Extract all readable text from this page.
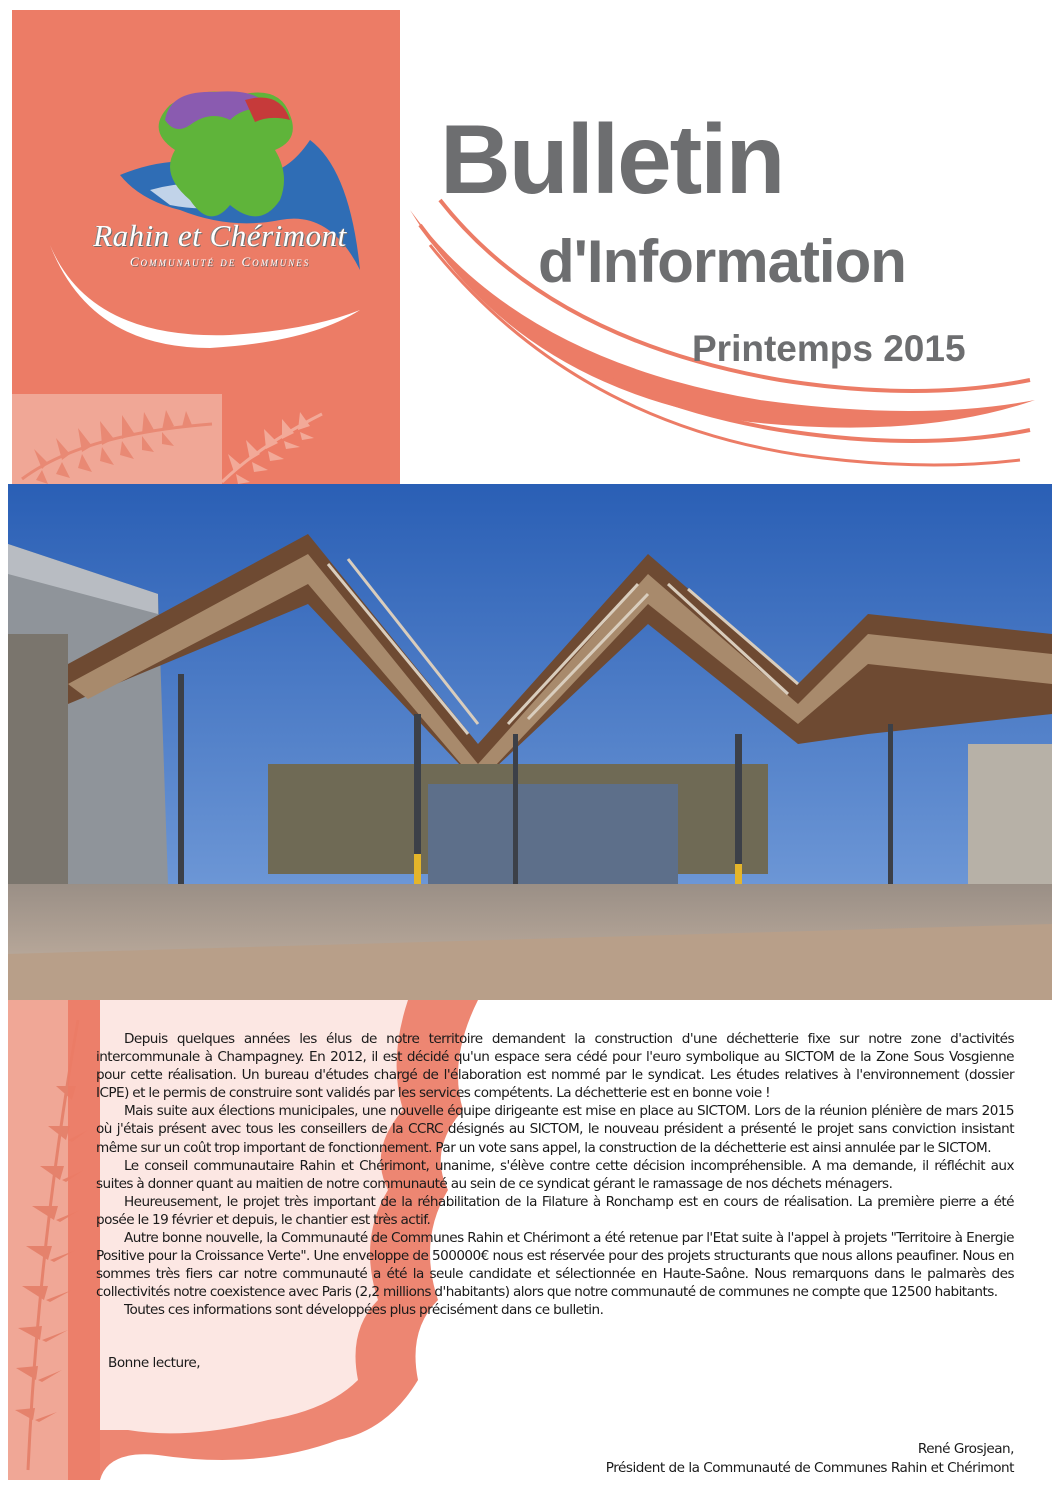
Rahin et Chérimont
Communauté de Communes
Bulletin
d'Information
Printemps 2015

Depuis quelques années les élus de notre territoire demandent la construction d'une déchetterie fixe sur notre zone d'activités intercommunale à Champagney. En 2012, il est décidé qu'un espace sera cédé pour l'euro symbolique au SICTOM de la Zone Sous Vosgienne pour cette réalisation. Un bureau d'études chargé de l'élaboration est nommé par le syndicat. Les études relatives à l'environnement (dossier ICPE) et le permis de construire sont validés par les services compétents. La déchetterie est en bonne voie !

Mais suite aux élections municipales, une nouvelle équipe dirigeante est mise en place au SICTOM. Lors de la réunion plénière de mars 2015 où j'étais présent avec tous les conseillers de la CCRC désignés au SICTOM, le nouveau président a présenté le projet sans conviction insistant même sur un coût trop important de fonctionnement. Par un vote sans appel, la construction de la déchetterie est ainsi annulée par le SICTOM.

Le conseil communautaire Rahin et Chérimont, unanime, s'élève contre cette décision incompréhensible. A ma demande, il réfléchit aux suites à donner quant au maitien de notre communauté au sein de ce syndicat gérant le ramassage de nos déchets ménagers.

Heureusement, le projet très important de la réhabilitation de la Filature à Ronchamp est en cours de réalisation. La première pierre a été posée le 19 février et depuis, le chantier est très actif.

Autre bonne nouvelle, la Communauté de Communes Rahin et Chérimont a été retenue par l'Etat suite à l'appel à projets "Territoire à Energie Positive pour la Croissance Verte". Une enveloppe de 500000€ nous est réservée pour des projets structurants que nous allons peaufiner. Nous en sommes très fiers car notre communauté a été la seule candidate et sélectionnée en Haute-Saône. Nous remarquons dans le palmarès des collectivités notre coexistence avec Paris (2,2 millions d'habitants) alors que notre communauté de communes ne compte que 12500 habitants.

Toutes ces informations sont développées plus précisément dans ce bulletin.

Bonne lecture,
René Grosjean,
Président de la Communauté de Communes Rahin et Chérimont
